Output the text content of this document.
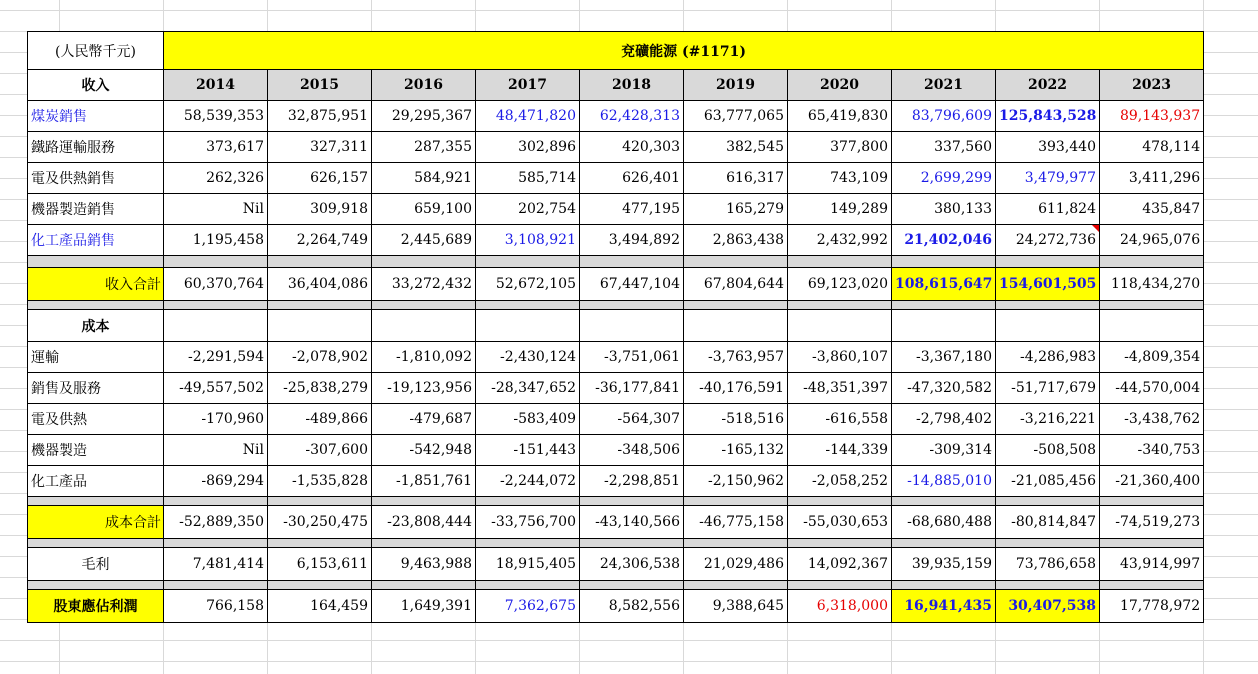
(人民幣千元)	兗礦能源 (#1171)									
收入	2014	2015	2016	2017	2018	2019	2020	2021	2022	2023
煤炭銷售	58,539,353	32,875,951	29,295,367	48,471,820	62,428,313	63,777,065	65,419,830	83,796,609	125,843,528	89,143,937
鐵路運輸服務	373,617	327,311	287,355	302,896	420,303	382,545	377,800	337,560	393,440	478,114
電及供熱銷售	262,326	626,157	584,921	585,714	626,401	616,317	743,109	2,699,299	3,479,977	3,411,296
機器製造銷售	Nil	309,918	659,100	202,754	477,195	165,279	149,289	380,133	611,824	435,847
化工產品銷售	1,195,458	2,264,749	2,445,689	3,108,921	3,494,892	2,863,438	2,432,992	21,402,046	24,272,736	24,965,076

收入合計	60,370,764	36,404,086	33,272,432	52,672,105	67,447,104	67,804,644	69,123,020	108,615,647	154,601,505	118,434,270

成本										
運輸	-2,291,594	-2,078,902	-1,810,092	-2,430,124	-3,751,061	-3,763,957	-3,860,107	-3,367,180	-4,286,983	-4,809,354
銷售及服務	-49,557,502	-25,838,279	-19,123,956	-28,347,652	-36,177,841	-40,176,591	-48,351,397	-47,320,582	-51,717,679	-44,570,004
電及供熱	-170,960	-489,866	-479,687	-583,409	-564,307	-518,516	-616,558	-2,798,402	-3,216,221	-3,438,762
機器製造	Nil	-307,600	-542,948	-151,443	-348,506	-165,132	-144,339	-309,314	-508,508	-340,753
化工產品	-869,294	-1,535,828	-1,851,761	-2,244,072	-2,298,851	-2,150,962	-2,058,252	-14,885,010	-21,085,456	-21,360,400

成本合計	-52,889,350	-30,250,475	-23,808,444	-33,756,700	-43,140,566	-46,775,158	-55,030,653	-68,680,488	-80,814,847	-74,519,273

毛利	7,481,414	6,153,611	9,463,988	18,915,405	24,306,538	21,029,486	14,092,367	39,935,159	73,786,658	43,914,997

股東應佔利潤	766,158	164,459	1,649,391	7,362,675	8,582,556	9,388,645	6,318,000	16,941,435	30,407,538	17,778,972
